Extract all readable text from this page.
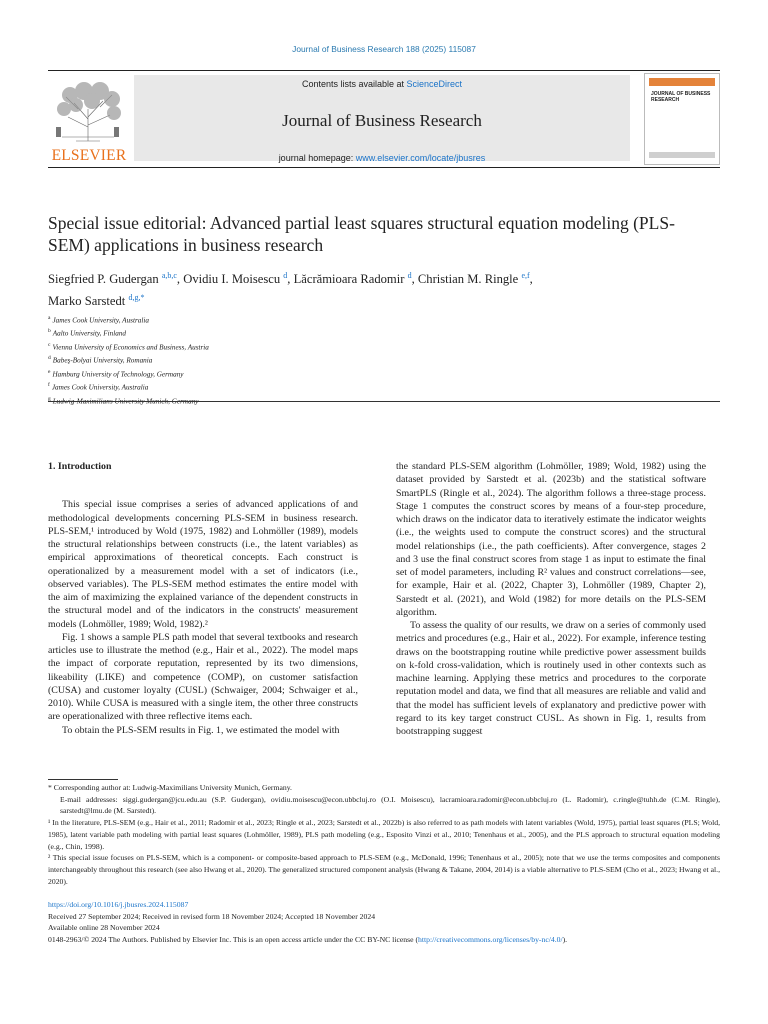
Journal of Business Research 188 (2025) 115087
ELSEVIER
Contents lists available at ScienceDirect
Journal of Business Research
journal homepage: www.elsevier.com/locate/jbusres
JOURNAL OF BUSINESS RESEARCH
Special issue editorial: Advanced partial least squares structural equation modeling (PLS-SEM) applications in business research
Siegfried P. Gudergan $^{a,b,c}$, Ovidiu I. Moisescu $^d$, Lăcrămioara Radomir $^d$, Christian M. Ringle $^{e,f}$,
Marko Sarstedt $^{d,g,*}$
$^a$ James Cook University, Australia
$^b$ Aalto University, Finland
$^c$ Vienna University of Economics and Business, Austria
$^d$ Babeş-Bolyai University, Romania
$^e$ Hamburg University of Technology, Germany
$^f$ James Cook University, Australia
$^g$ Ludwig-Maximilians University Munich, Germany

1. Introduction

This special issue comprises a series of advanced applications of and methodological developments concerning PLS-SEM in business research. PLS-SEM,¹ introduced by Wold (1975, 1982) and Lohmöller (1989), models the structural relationships between constructs (i.e., the latent variables) as empirical approximations of theoretical concepts. Each construct is operationalized by a measurement model with a set of indicators (i.e., observed variables). The PLS-SEM method estimates the entire model with the aim of maximizing the explained variance of the dependent constructs in the structural model and of the indicators in the constructs' measurement models (Lohmöller, 1989; Wold, 1982).²

Fig. 1 shows a sample PLS path model that several textbooks and research articles use to illustrate the method (e.g., Hair et al., 2022). The model maps the impact of corporate reputation, represented by its two dimensions, likeability (LIKE) and competence (COMP), on customer satisfaction (CUSA) and customer loyalty (CUSL) (Schwaiger, 2004; Schwaiger et al., 2010). While CUSA is measured with a single item, the other three constructs are operationalized with three reflective items each.

To obtain the PLS-SEM results in Fig. 1, we estimated the model with

the standard PLS-SEM algorithm (Lohmöller, 1989; Wold, 1982) using the dataset provided by Sarstedt et al. (2023b) and the statistical software SmartPLS (Ringle et al., 2024). The algorithm follows a three-stage process. Stage 1 computes the construct scores by means of a four-step procedure, which draws on the indicator data to iteratively estimate the indicator weights (i.e., the weights used to compute the construct scores) and the structural model relationships (i.e., the path coefficients). After convergence, stages 2 and 3 use the final construct scores from stage 1 as input to estimate the final set of model parameters, including R² values and construct correlations—see, for example, Hair et al. (2022, Chapter 3), Lohmöller (1989, Chapter 2), Sarstedt et al. (2021), and Wold (1982) for more details on the PLS-SEM algorithm.

To assess the quality of our results, we draw on a series of commonly used metrics and procedures (e.g., Hair et al., 2022). For example, inference testing draws on the bootstrapping routine while predictive power assessment builds on k-fold cross-validation, which is routinely used in other contexts such as machine learning. Applying these metrics and procedures to the corporate reputation model and data, we find that all measures are reliable and valid and that the model has sufficient levels of explanatory and predictive power with regard to its key target construct CUSL. As shown in Fig. 1, results from bootstrapping suggest

* Corresponding author at: Ludwig-Maximilians University Munich, Germany.

E-mail addresses: siggi.gudergan@jcu.edu.au (S.P. Gudergan), ovidiu.moisescu@econ.ubbcluj.ro (O.I. Moisescu), lacramioara.radomir@econ.ubbcluj.ro (L. Radomir), c.ringle@tuhh.de (C.M. Ringle), sarstedt@lmu.de (M. Sarstedt).

¹ In the literature, PLS-SEM (e.g., Hair et al., 2011; Radomir et al., 2023; Ringle et al., 2023; Sarstedt et al., 2022b) is also referred to as path models with latent variables (Wold, 1975), partial least squares (PLS; Wold, 1985), latent variable path modeling with partial least squares (Lohmöller, 1989), PLS path modeling (e.g., Esposito Vinzi et al., 2010; Tenenhaus et al., 2005), and the PLS approach to structural equation modeling (e.g., Chin, 1998).

² This special issue focuses on PLS-SEM, which is a component- or composite-based approach to PLS-SEM (e.g., McDonald, 1996; Tenenhaus et al., 2005); note that we use the terms composites and components interchangeably throughout this research (see also Hwang et al., 2020). The generalized structured component analysis (Hwang & Takane, 2004, 2014) is a viable alternative to PLS-SEM (Cho et al., 2023; Hwang et al., 2020).

https://doi.org/10.1016/j.jbusres.2024.115087

Received 27 September 2024; Received in revised form 18 November 2024; Accepted 18 November 2024

Available online 28 November 2024

0148-2963/© 2024 The Authors. Published by Elsevier Inc. This is an open access article under the CC BY-NC license (http://creativecommons.org/licenses/by-nc/4.0/).
